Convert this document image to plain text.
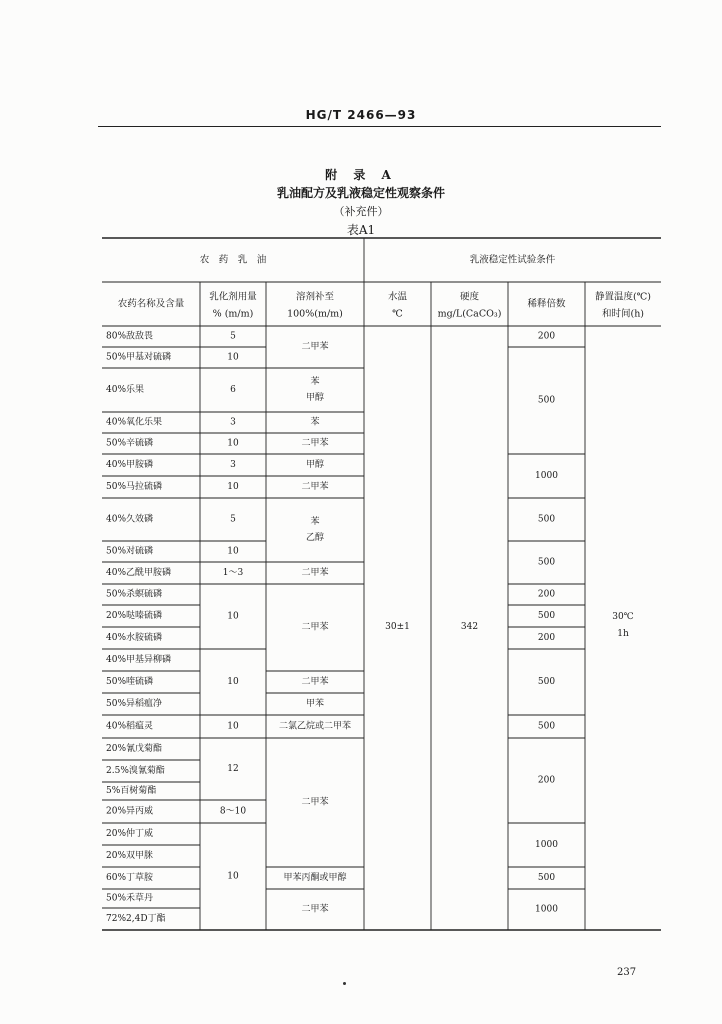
HG/T 2466—93
附 录 A
乳油配方及乳液稳定性观察条件
（补充件）
表A1
农　药　乳　油	乳液稳定性试验条件
农药名称及含量
乳化剂用量
% (m/m)
溶剂补至
100%(m/m)
水温
℃
硬度
mg/L(CaCO₃)
稀释倍数
静置温度(℃)
和时间(h)
80%敌敌畏
50%甲基对硫磷
40%乐果
40%氧化乐果
50%辛硫磷
40%甲胺磷
50%马拉硫磷
40%久效磷
50%对硫磷
40%乙酰甲胺磷
50%杀螟硫磷
20%哒嗪硫磷
40%水胺硫磷
40%甲基异柳磷
50%喹硫磷
50%异稻瘟净
40%稻瘟灵
20%氰戊菊酯
2.5%溴氰菊酯
5%百树菊酯
20%异丙威
20%仲丁威
20%双甲脒
60%丁草胺
50%禾草丹
72%2,4D丁酯
5
10
6
3
10
3
10
5
10
1～3
10
10
10
12
8～10
10
二甲苯
苯
甲醇
苯
二甲苯
甲醇
二甲苯
苯
乙醇
二甲苯
二甲苯
二甲苯
甲苯
二氯乙烷或二甲苯
二甲苯
甲苯丙酮或甲醇
二甲苯
200
500
1000
500
500
200
500
200
500
500
200
1000
500
1000
30±1	342
30℃
1h
237
